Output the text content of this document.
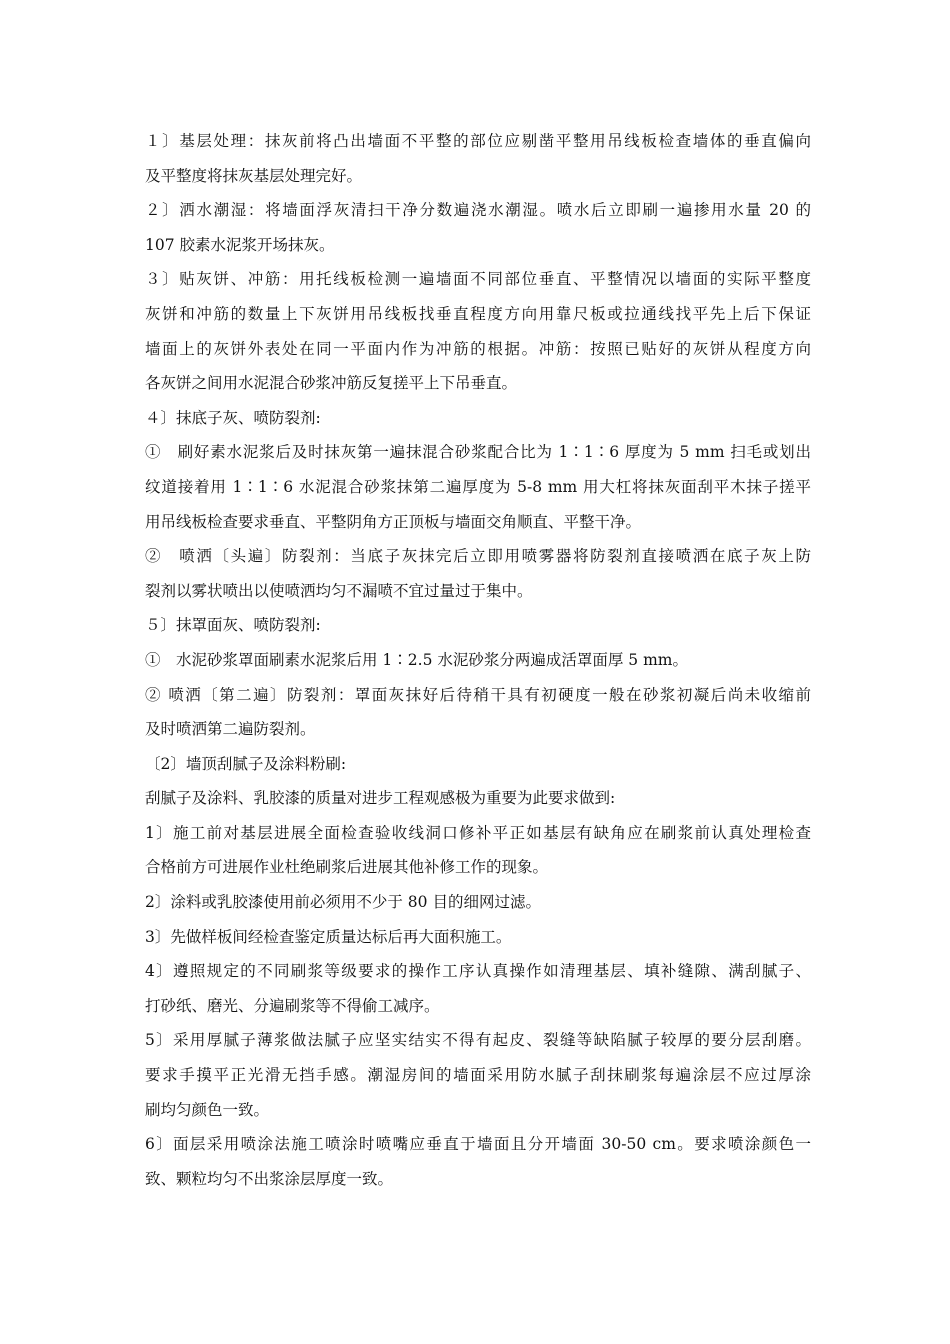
１〕基层处理：抹灰前将凸出墙面不平整的部位应剔凿平整用吊线板检查墙体的垂直偏向
及平整度将抹灰基层处理完好。
２〕洒水潮湿：将墙面浮灰清扫干净分数遍浇水潮湿。喷水后立即刷一遍掺用水量 20 的
107 胶素水泥浆开场抹灰。
３〕贴灰饼、冲筋：用托线板检测一遍墙面不同部位垂直、平整情况以墙面的实际平整度
灰饼和冲筋的数量上下灰饼用吊线板找垂直程度方向用靠尺板或拉通线找平先上后下保证
墙面上的灰饼外表处在同一平面内作为冲筋的根据。冲筋：按照已贴好的灰饼从程度方向
各灰饼之间用水泥混合砂浆冲筋反复搓平上下吊垂直。
４〕抹底子灰、喷防裂剂:
①　刷好素水泥浆后及时抹灰第一遍抹混合砂浆配合比为 1∶1∶6 厚度为 5 mm 扫毛或划出
纹道接着用 1∶1∶6 水泥混合砂浆抹第二遍厚度为 5-8 mm 用大杠将抹灰面刮平木抹子搓平
用吊线板检查要求垂直、平整阴角方正顶板与墙面交角顺直、平整干净。
②　喷洒〔头遍〕防裂剂：当底子灰抹完后立即用喷雾器将防裂剂直接喷洒在底子灰上防
裂剂以雾状喷出以使喷洒均匀不漏喷不宜过量过于集中。
５〕抹罩面灰、喷防裂剂:
①　水泥砂浆罩面刷素水泥浆后用 1∶2.5 水泥砂浆分两遍成活罩面厚 5 mm。
② 喷洒〔第二遍〕防裂剂：罩面灰抹好后待稍干具有初硬度一般在砂浆初凝后尚未收缩前
及时喷洒第二遍防裂剂。
〔2〕墙顶刮腻子及涂料粉刷:
刮腻子及涂料、乳胶漆的质量对进步工程观感极为重要为此要求做到:
1〕施工前对基层进展全面检查验收线洞口修补平正如基层有缺角应在刷浆前认真处理检查
合格前方可进展作业杜绝刷浆后进展其他补修工作的现象。
2〕涂料或乳胶漆使用前必须用不少于 80 目的细网过滤。
3〕先做样板间经检查鉴定质量达标后再大面积施工。
4〕遵照规定的不同刷浆等级要求的操作工序认真操作如清理基层、填补缝隙、满刮腻子、
打砂纸、磨光、分遍刷浆等不得偷工减序。
5〕采用厚腻子薄浆做法腻子应坚实结实不得有起皮、裂缝等缺陷腻子较厚的要分层刮磨。
要求手摸平正光滑无挡手感。潮湿房间的墙面采用防水腻子刮抹刷浆每遍涂层不应过厚涂
刷均匀颜色一致。
6〕面层采用喷涂法施工喷涂时喷嘴应垂直于墙面且分开墙面 30-50 cm。要求喷涂颜色一
致、颗粒均匀不出浆涂层厚度一致。
